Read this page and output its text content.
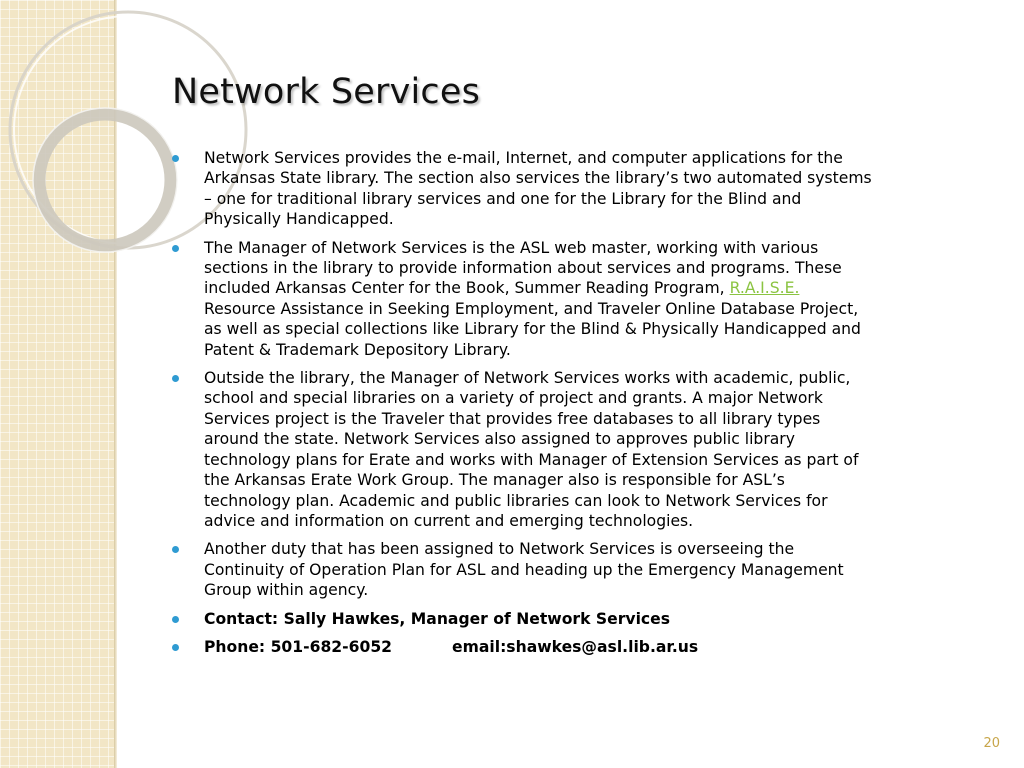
Network Services
Network Services provides the e-mail, Internet, and computer applications for the Arkansas State library. The section also services the library’s two automated systems – one for traditional library services and one for the Library for the Blind and Physically Handicapped.
The Manager of Network Services is the ASL web master, working with various sections in the library to provide information about services and programs. These included Arkansas Center for the Book, Summer Reading Program, R.A.I.S.E. Resource Assistance in Seeking Employment, and Traveler Online Database Project, as well as special collections like Library for the Blind & Physically Handicapped and Patent & Trademark Depository Library.
Outside the library, the Manager of Network Services works with academic, public, school and special libraries on a variety of project and grants. A major Network Services project is the Traveler that provides free databases to all library types around the state. Network Services also assigned to approves public library technology plans for Erate and works with Manager of Extension Services as part of the Arkansas Erate Work Group. The manager also is responsible for ASL’s technology plan. Academic and public libraries can look to Network Services for advice and information on current and emerging technologies.
Another duty that has been assigned to Network Services is overseeing the Continuity of Operation Plan for ASL and heading up the Emergency Management Group within agency.
Contact: Sally Hawkes, Manager of Network Services
Phone: 501-682-6052	email:shawkes@asl.lib.ar.us
20
